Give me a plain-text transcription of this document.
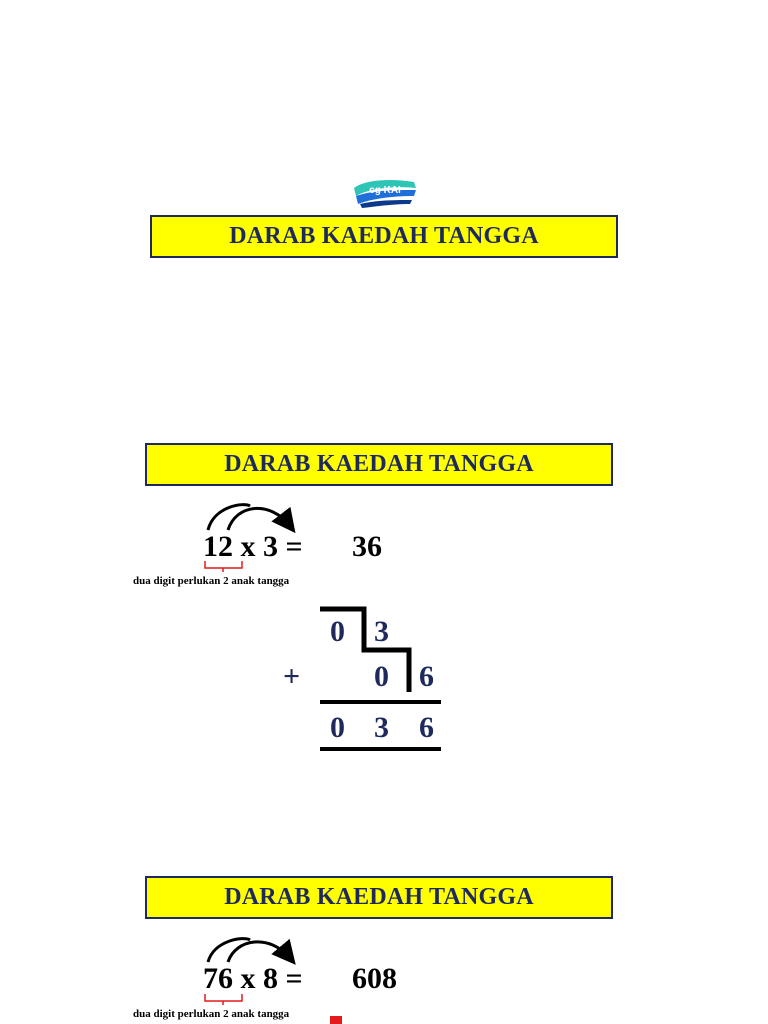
cg KAI
DARAB KAEDAH TANGGA
DARAB KAEDAH TANGGA
DARAB KAEDAH TANGGA
12 x 3 = 36
dua digit perlukan 2 anak tangga
0 3
0 6
+
0 3 6
76 x 8 = 608
dua digit perlukan 2 anak tangga
